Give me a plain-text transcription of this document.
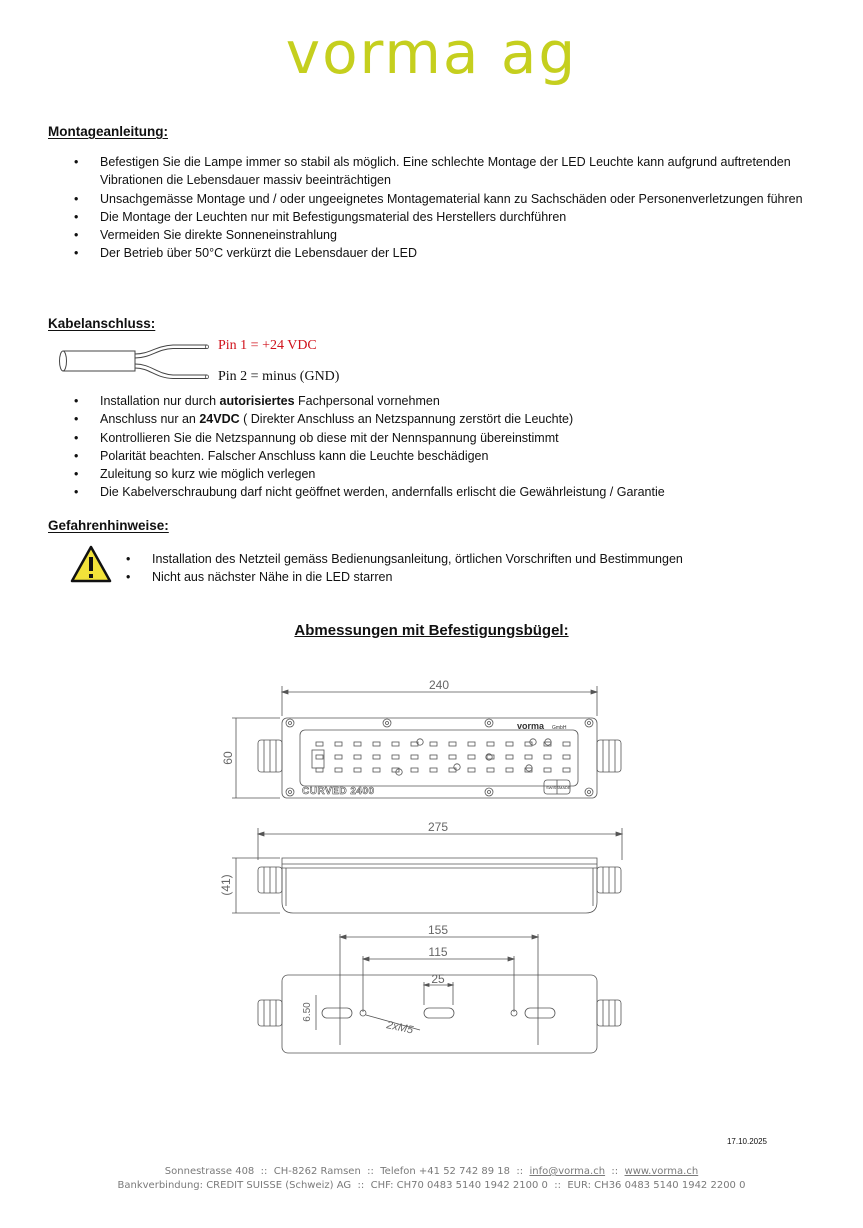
vorma ag
Montageanleitung:
• Befestigen Sie die Lampe immer so stabil als möglich. Eine schlechte Montage der LED Leuchte kann aufgrund auftretenden Vibrationen die Lebensdauer massiv beeinträchtigen
• Unsachgemässe Montage und / oder ungeeignetes Montagematerial kann zu Sachschäden oder Personenverletzungen führen
• Die Montage der Leuchten nur mit Befestigungsmaterial des Herstellers durchführen
• Vermeiden Sie direkte Sonneneinstrahlung
• Der Betrieb über 50°C verkürzt die Lebensdauer der LED
Kabelanschluss:
Pin 1 = +24 VDC
Pin 2 = minus (GND)
• Installation nur durch autorisiertes Fachpersonal vornehmen
• Anschluss nur an 24VDC ( Direkter Anschluss an Netzspannung zerstört die Leuchte)
• Kontrollieren Sie die Netzspannung ob diese mit der Nennspannung übereinstimmt
• Polarität beachten. Falscher Anschluss kann die Leuchte beschädigen
• Zuleitung so kurz wie möglich verlegen
• Die Kabelverschraubung darf nicht geöffnet werden, andernfalls erlischt die Gewährleistung / Garantie
Gefahrenhinweise:
• Installation des Netzteil gemäss Bedienungsanleitung, örtlichen Vorschriften und Bestimmungen
• Nicht aus nächster Nähe in die LED starren
Abmessungen mit Befestigungsbügel:
240
60
275
(41)
155
115
25
6.50
2xM5
vorma GmbH
CURVED 2400	SWISS MADE
17.10.2025
Sonnestrasse 408  ::  CH-8262 Ramsen  ::  Telefon +41 52 742 89 18  ::  info@vorma.ch  ::  www.vorma.ch
Bankverbindung: CREDIT SUISSE (Schweiz) AG  ::  CHF: CH70 0483 5140 1942 2100 0  ::  EUR: CH36 0483 5140 1942 2200 0
